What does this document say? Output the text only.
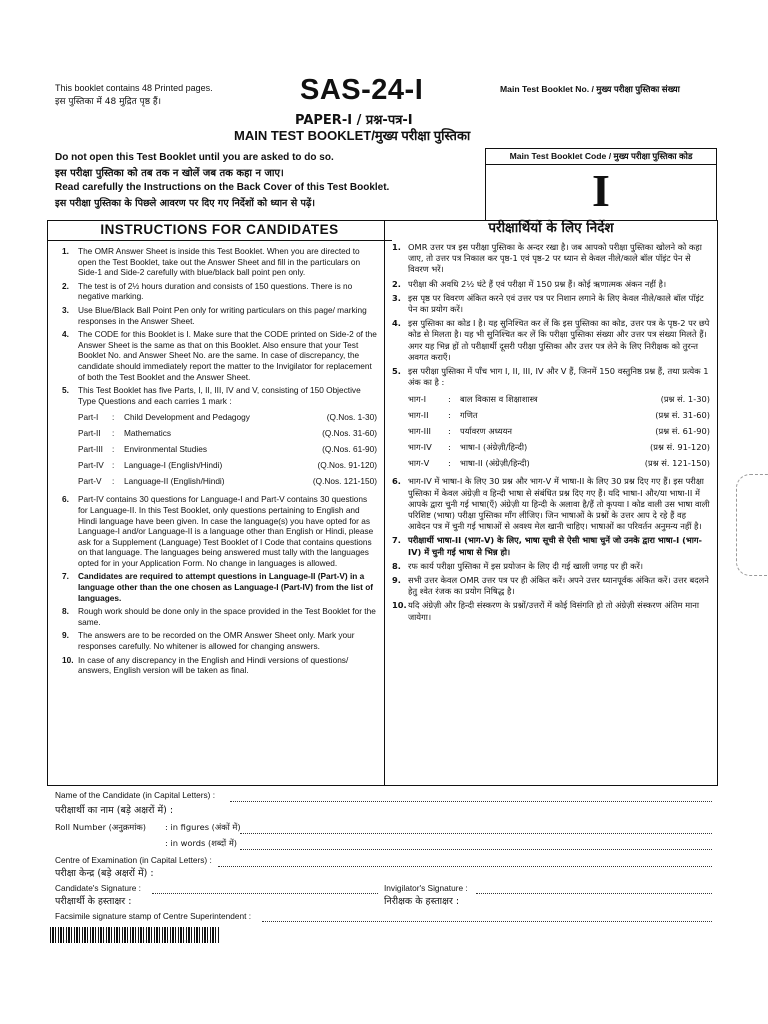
This booklet contains 48 Printed pages.
इस पुस्तिका में 48 मुद्रित पृष्ठ हैं।	SAS-24-I
PAPER-I / प्रश्न-पत्र-I
MAIN TEST BOOKLET/मुख्य परीक्षा पुस्तिका
Main Test Booklet No. / मुख्य परीक्षा पुस्तिका संख्या
Do not open this Test Booklet until you are asked to do so.
इस परीक्षा पुस्तिका को तब तक न खोलें जब तक कहा न जाए।
Read carefully the Instructions on the Back Cover of this Test Booklet.
इस परीक्षा पुस्तिका के पिछले आवरण पर दिए गए निर्देशों को ध्यान से पढ़ें।
Main Test Booklet Code / मुख्य परीक्षा पुस्तिका कोड
I
INSTRUCTIONS FOR CANDIDATES
1.	The OMR Answer Sheet is inside this Test Booklet. When you are directed to open the Test Booklet, take out the Answer Sheet and fill in the particulars on Side-1 and Side-2 carefully with blue/black ball point pen only.
2.	The test is of 2½ hours duration and consists of 150 questions. There is no negative marking.
3.	Use Blue/Black Ball Point Pen only for writing particulars on this page/ marking responses in the Answer Sheet.
4.	The CODE for this Booklet is I. Make sure that the CODE printed on Side-2 of the Answer Sheet is the same as that on this Booklet. Also ensure that your Test Booklet No. and Answer Sheet No. are the same. In case of discrepancy, the candidate should immediately report the matter to the Invigilator for replacement of both the Test Booklet and the Answer Sheet.
5.	This Test Booklet has five Parts, I, II, III, IV and V, consisting of 150 Objective Type Questions and each carries 1 mark :
Part-I	:	Child Development and Pedagogy	(Q.Nos. 1-30)
Part-II	:	Mathematics	(Q.Nos. 31-60)
Part-III	:	Environmental Studies	(Q.Nos. 61-90)
Part-IV :	Language-I (English/Hindi)	(Q.Nos. 91-120)
Part-V	:	Language-II (English/Hindi)	(Q.Nos. 121-150)
6.	Part-IV contains 30 questions for Language-I and Part-V contains 30 questions for Language-II. In this Test Booklet, only questions pertaining to English and Hindi language have been given. In case the language(s) you have opted for as Language-I and/or Language-II is a language other than English or Hindi, please ask for a Supplement (Language) Test Booklet of I Code that contains questions on that language. The languages being answered must tally with the languages opted for in your Application Form. No change in languages is allowed.
7.	Candidates are required to attempt questions in Language-II (Part-V) in a language other than the one chosen as Language-I (Part-IV) from the list of languages.
8.	Rough work should be done only in the space provided in the Test Booklet for the same.
9.	The answers are to be recorded on the OMR Answer Sheet only. Mark your responses carefully. No whitener is allowed for changing answers.
10. In case of any discrepancy in the English and Hindi versions of questions/ answers, English version will be taken as final.
परीक्षार्थियों के लिए निर्देश
1. OMR उत्तर पत्र इस परीक्षा पुस्तिका के अन्दर रखा है। जब आपको परीक्षा पुस्तिका खोलने को कहा जाए, तो उत्तर पत्र निकाल कर पृष्ठ-1 एवं पृष्ठ-2 पर ध्यान से केवल नीले/काले बॉल पॉइंट पेन से विवरण भरें।
2. परीक्षा की अवधि 2½ घंटे हैं एवं परीक्षा में 150 प्रश्न हैं। कोई ऋणात्मक अंकन नहीं है।
3. इस पृष्ठ पर विवरण अंकित करने एवं उत्तर पत्र पर निशान लगाने के लिए केवल नीले/काले बॉल पॉइंट पेन का प्रयोग करें।
4. इस पुस्तिका का कोड I है। यह सुनिश्चित कर लें कि इस पुस्तिका का कोड, उत्तर पत्र के पृष्ठ-2 पर छपे कोड से मिलता है। यह भी सुनिश्चित कर लें कि परीक्षा पुस्तिका संख्या और उत्तर पत्र संख्या मिलते हैं। अगर यह भिन्न हों तो परीक्षार्थी दूसरी परीक्षा पुस्तिका और उत्तर पत्र लेने के लिए निरीक्षक को तुरन्त अवगत कराएँ।
5. इस परीक्षा पुस्तिका में पाँच भाग I, II, III, IV और V हैं, जिनमें 150 वस्तुनिष्ठ प्रश्न हैं, तथा प्रत्येक 1 अंक का है :
भाग-I	:	बाल विकास व शिक्षाशास्त्र	(प्रश्न सं. 1-30)
भाग-II	:	गणित	(प्रश्न सं. 31-60)
भाग-III	:	पर्यावरण अध्ययन	(प्रश्न सं. 61-90)
भाग-IV	:	भाषा-I (अंग्रेज़ी/हिन्दी)	(प्रश्न सं. 91-120)
भाग-V	:	भाषा-II (अंग्रेज़ी/हिन्दी)	(प्रश्न सं. 121-150)
6. भाग-IV में भाषा-I के लिए 30 प्रश्न और भाग-V में भाषा-II के लिए 30 प्रश्न दिए गए हैं। इस परीक्षा पुस्तिका में केवल अंग्रेज़ी व हिन्दी भाषा से संबंधित प्रश्न दिए गए हैं। यदि भाषा-I और/या भाषा-II में आपके द्वारा चुनी गई भाषा(एँ) अंग्रेज़ी या हिन्दी के अलावा है/हैं तो कृपया I कोड वाली उस भाषा वाली परिशिष्ट (भाषा) परीक्षा पुस्तिका माँग लीजिए। जिन भाषाओं के प्रश्नों के उत्तर आप दे रहे हैं वह आवेदन पत्र में चुनी गई भाषाओं से अवश्य मेल खानी चाहिए। भाषाओं का परिवर्तन अनुमन्य नहीं है।
7. परीक्षार्थी भाषा-II (भाग-V) के लिए, भाषा सूची से ऐसी भाषा चुनें जो उनके द्वारा भाषा-I (भाग-IV) में चुनी गई भाषा से भिन्न हो।
8. रफ कार्य परीक्षा पुस्तिका में इस प्रयोजन के लिए दी गई खाली जगह पर ही करें।
9. सभी उत्तर केवल OMR उत्तर पत्र पर ही अंकित करें। अपने उत्तर ध्यानपूर्वक अंकित करें। उत्तर बदलने हेतु श्वेत रंजक का प्रयोग निषिद्ध है।
10. यदि अंग्रेज़ी और हिन्दी संस्करण के प्रश्नों/उत्तरों में कोई विसंगति हो तो अंग्रेज़ी संस्करण अंतिम माना जायेगा।
Name of the Candidate (in Capital Letters) :
परीक्षार्थी का नाम (बड़े अक्षरों में) :
Roll Number (अनुक्रमांक) : in figures (अंकों में)
: in words (शब्दों में)
Centre of Examination (in Capital Letters) :
परीक्षा केन्द्र (बड़े अक्षरों में) :
Candidate's Signature :
परीक्षार्थी के हस्ताक्षर :
Invigilator's Signature :
निरीक्षक के हस्ताक्षर :
Facsimile signature stamp of Centre Superintendent :
